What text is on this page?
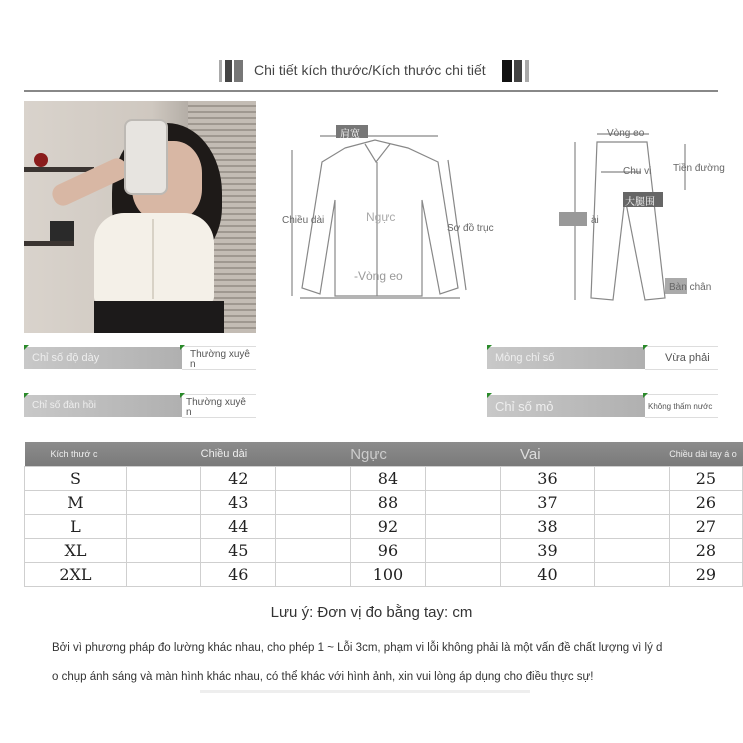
Chi tiết kích thước/Kích thước chi tiết
肩宽
Chiều dài	Ngực
Sơ đồ trục
-Vòng eo
Vòng eo
Tiền đường
Chu vi
大腿围
ài
Bàn chân
Chỉ số độ dày	Thường xuyê n
Chỉ số đàn hồi	Thường xuyê n
Mỏng chỉ số	Vừa phải
Chỉ số mỏ	Không thấm nước
Kích thướ c		Chiều dài		Ngực		Vai		Chiều dài tay á o
S		42		84		36		25
M		43		88		37		26
L		44		92		38		27
XL		45		96		39		28
2XL		46		100		40		29
Lưu ý: Đơn vị đo bằng tay: cm
Bởi vì phương pháp đo lường khác nhau, cho phép 1 ~ Lỗi 3cm, phạm vi lỗi không phải là một vấn đề chất lượng vì lý d
o chụp ánh sáng và màn hình khác nhau, có thể khác với hình ảnh, xin vui lòng áp dụng cho điều thực sự!
